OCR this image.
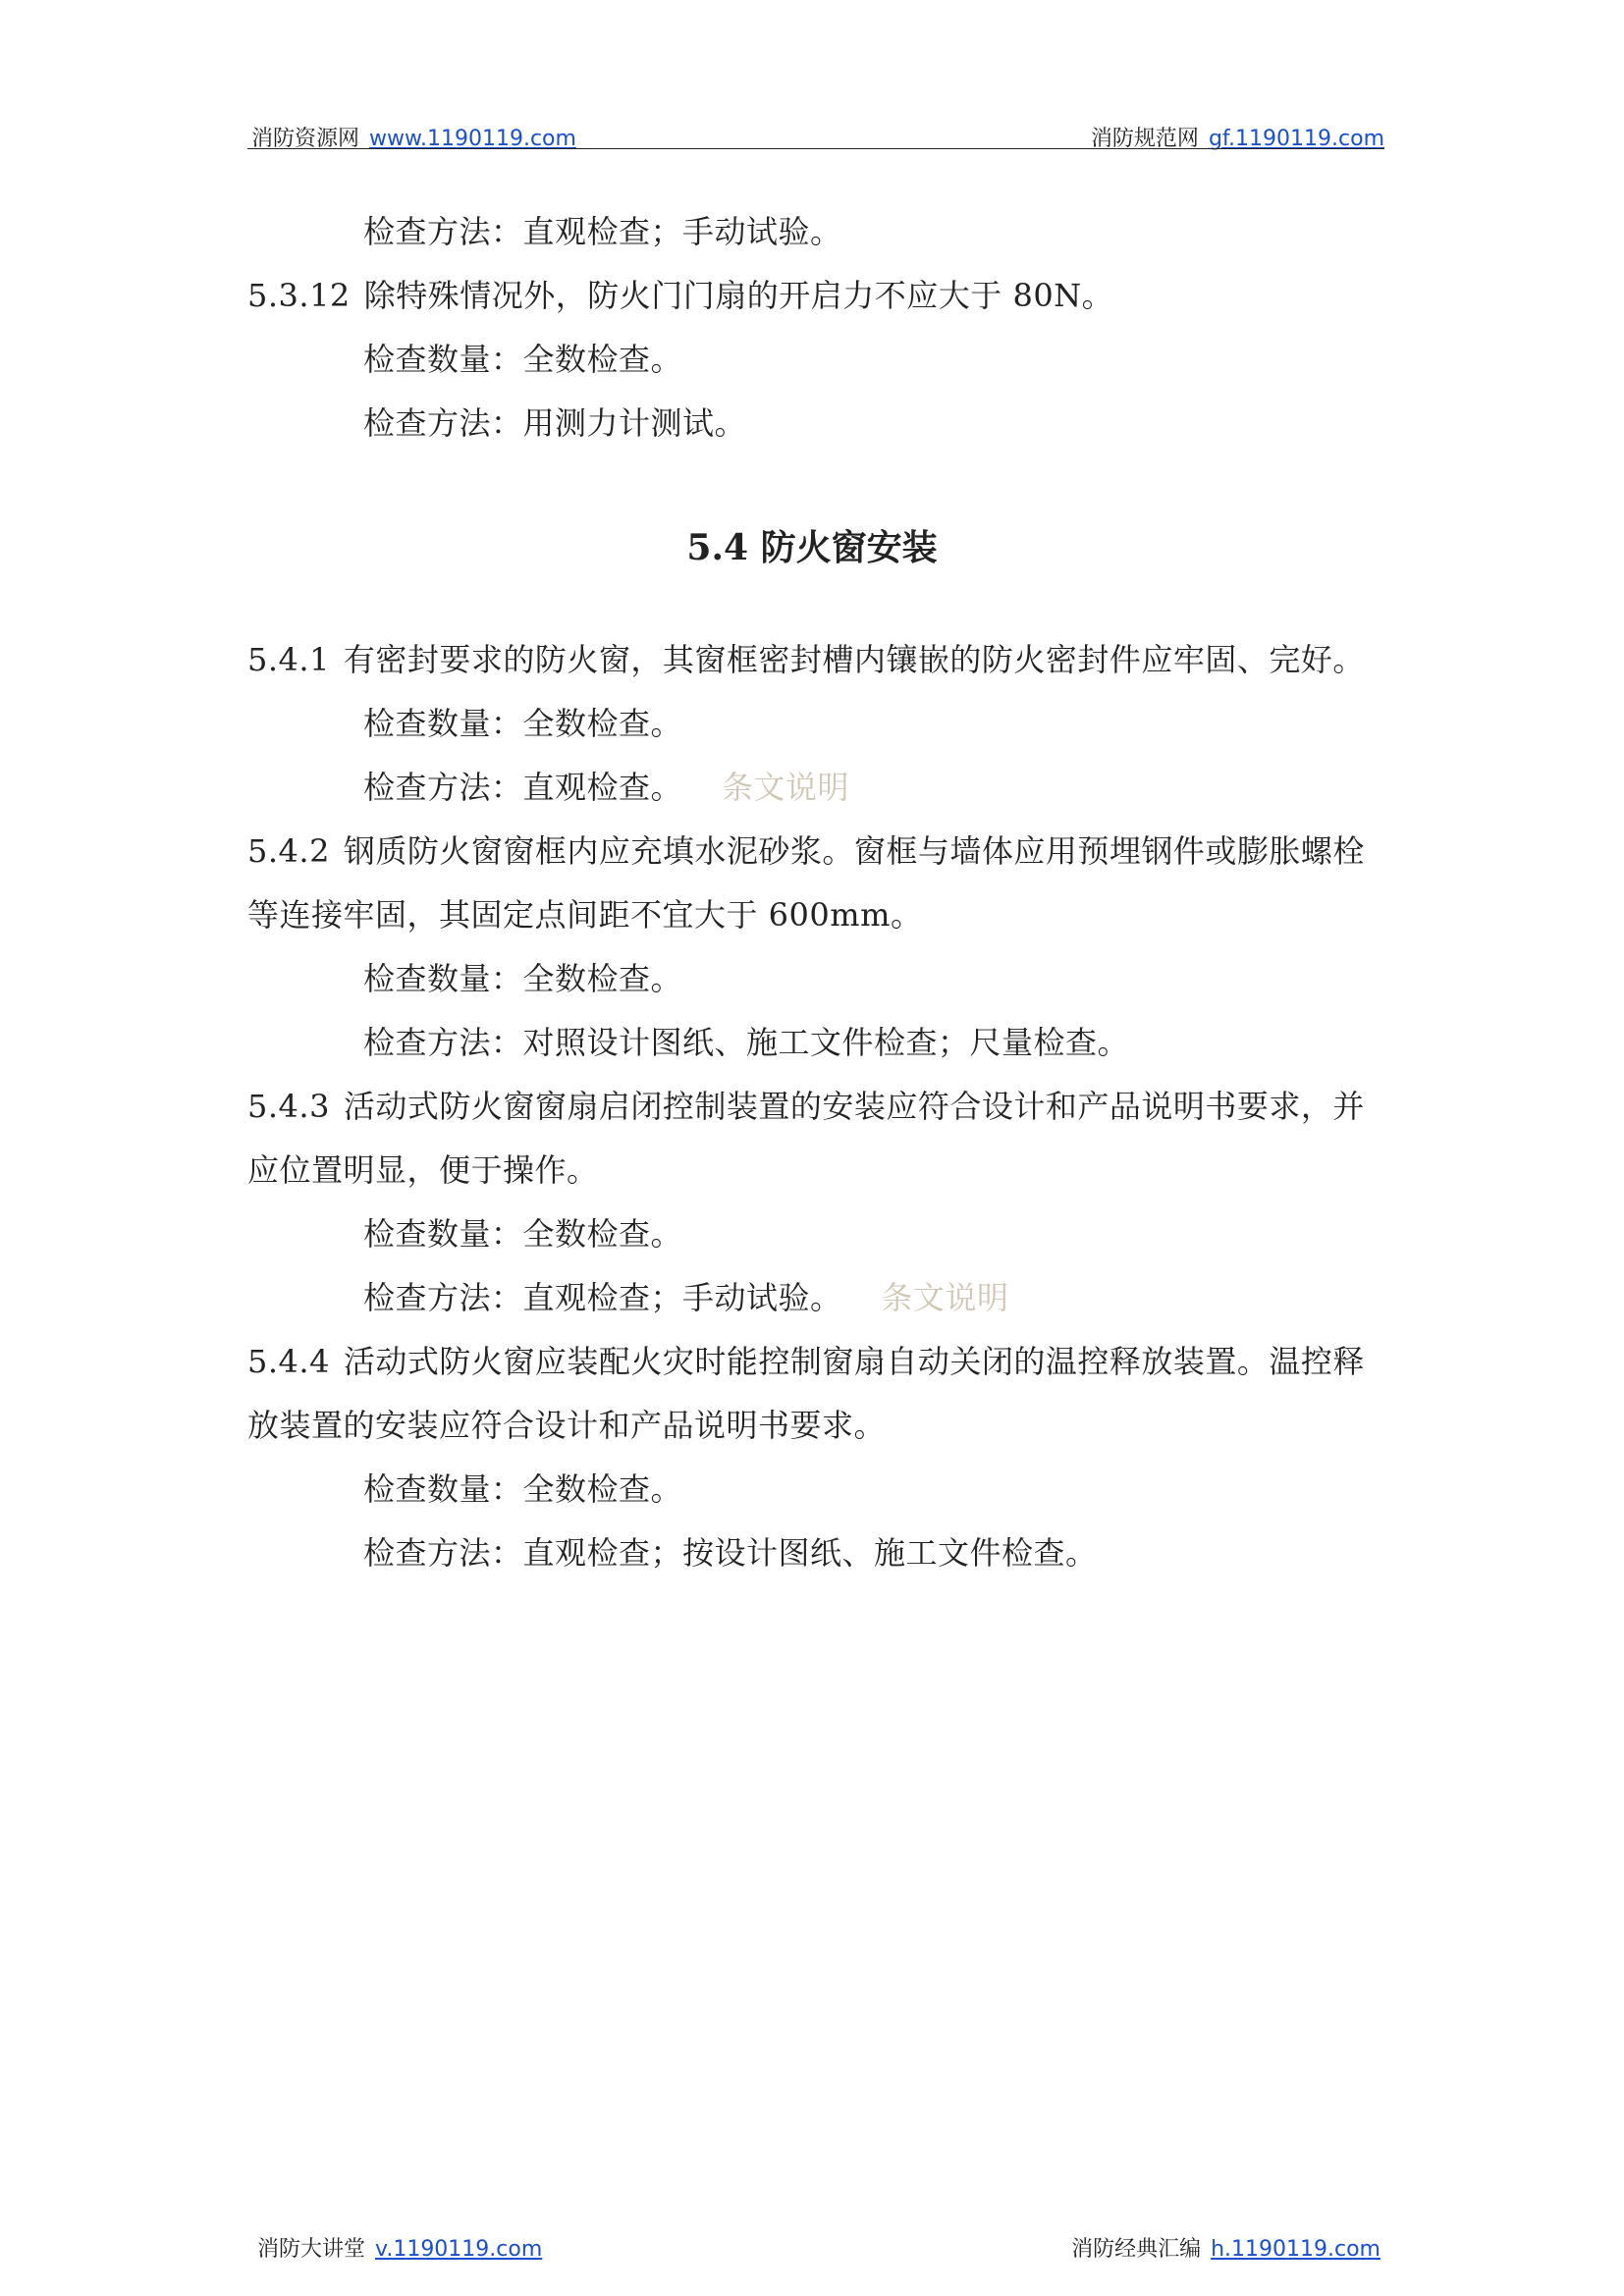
消防资源网 www.1190119.com	消防规范网 gf.1190119.com
检查方法：直观检查；手动试验。
5.3.12 除特殊情况外，防火门门扇的开启力不应大于 80N。
检查数量：全数检查。
检查方法：用测力计测试。
5.4 防火窗安装
5.4.1 有密封要求的防火窗，其窗框密封槽内镶嵌的防火密封件应牢固、完好。
检查数量：全数检查。
检查方法：直观检查。 条文说明
5.4.2 钢质防火窗窗框内应充填水泥砂浆。窗框与墙体应用预埋钢件或膨胀螺栓
等连接牢固，其固定点间距不宜大于 600mm。
检查数量：全数检查。
检查方法：对照设计图纸、施工文件检查；尺量检查。
5.4.3 活动式防火窗窗扇启闭控制装置的安装应符合设计和产品说明书要求，并
应位置明显，便于操作。
检查数量：全数检查。
检查方法：直观检查；手动试验。 条文说明
5.4.4 活动式防火窗应装配火灾时能控制窗扇自动关闭的温控释放装置。温控释
放装置的安装应符合设计和产品说明书要求。
检查数量：全数检查。
检查方法：直观检查；按设计图纸、施工文件检查。
消防大讲堂 v.1190119.com	消防经典汇编 h.1190119.com
